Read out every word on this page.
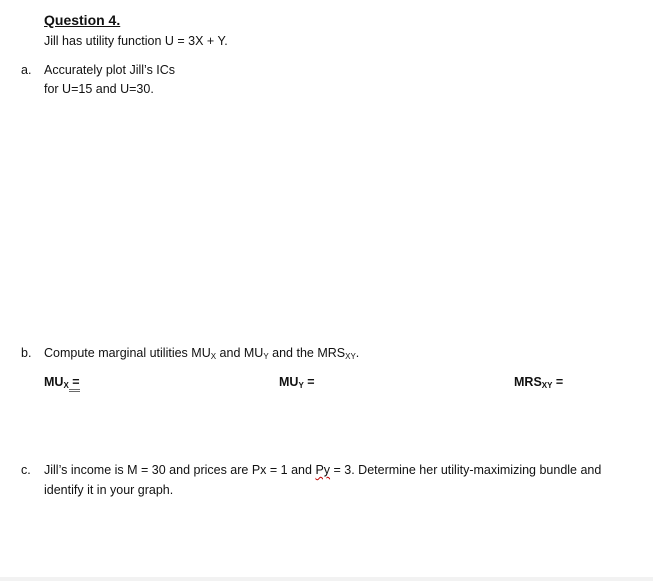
Question 4.
Jill has utility function U = 3X + Y.
a. Accurately plot Jill’s ICs
for U=15 and U=30.
b. Compute marginal utilities $MU_X$ and $MU_Y$ and the $MRS_{XY}$.
$MU_X$ =	$MU_Y$ =	$MRS_{XY}$ =
c. Jill’s income is M = 30 and prices are Px = 1 and Py = 3. Determine her utility-maximizing bundle and
identify it in your graph.
